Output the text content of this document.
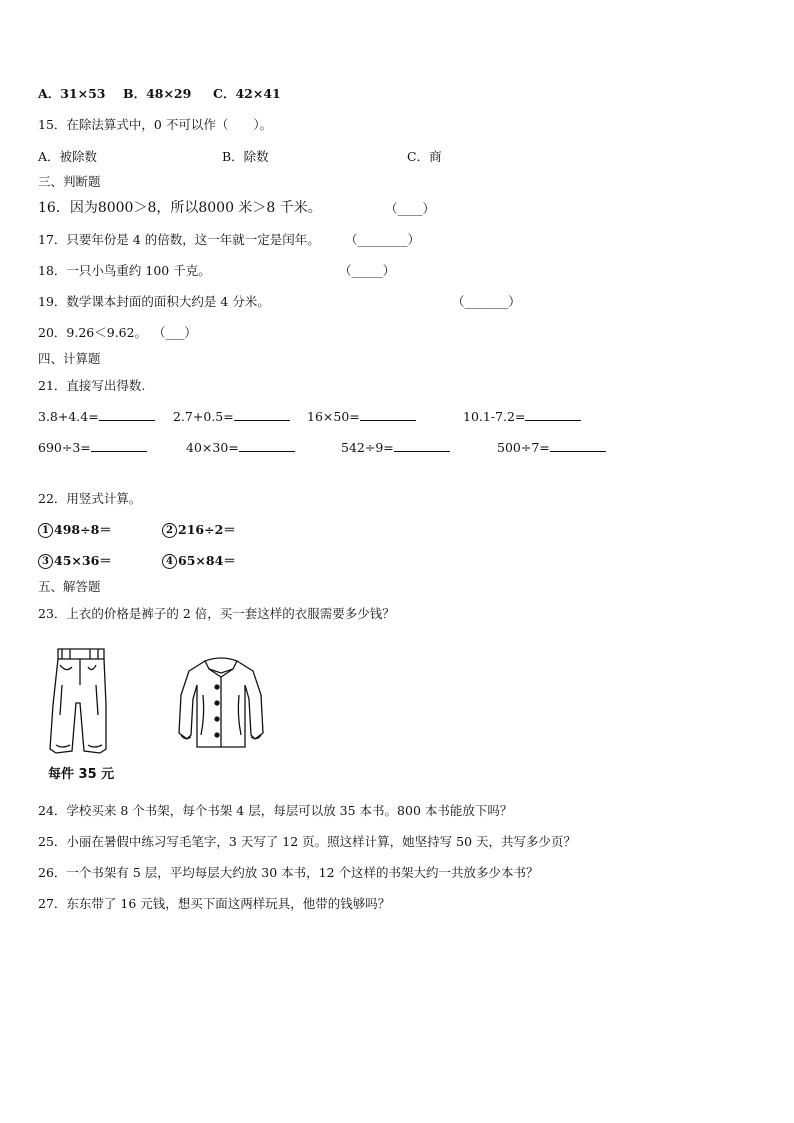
A．31×53 B．48×29 C．42×41
15．在除法算式中，0 不可以作（　　）。
A．被除数	B．除数	C．商
三、判断题
16．因为8000＞8，所以8000 米＞8 千米。	（____）
17．只要年份是 4 的倍数，这一年就一定是闰年。 （________）
18．一只小鸟重约 100 千克。	（_____）
19．数学课本封面的面积大约是 4 分米。	（_______）
20．9.26＜9.62。 （___）
四、计算题
21．直接写出得数.
3.8+4.4=	2.7+0.5=	16×50=	10.1-7.2=
690÷3=	40×30=	542÷9=	500÷7=
22．用竖式计算。
1 498÷8＝	2 216÷2＝
3 45×36＝	4 65×84＝
五、解答题
23．上衣的价格是裤子的 2 倍，买一套这样的衣服需要多少钱？
每件 35 元
24．学校买来 8 个书架，每个书架 4 层，每层可以放 35 本书。800 本书能放下吗？
25．小丽在暑假中练习写毛笔字，3 天写了 12 页。照这样计算，她坚持写 50 天，共写多少页？
26．一个书架有 5 层，平均每层大约放 30 本书，12 个这样的书架大约一共放多少本书？
27．东东带了 16 元钱，想买下面这两样玩具，他带的钱够吗？
